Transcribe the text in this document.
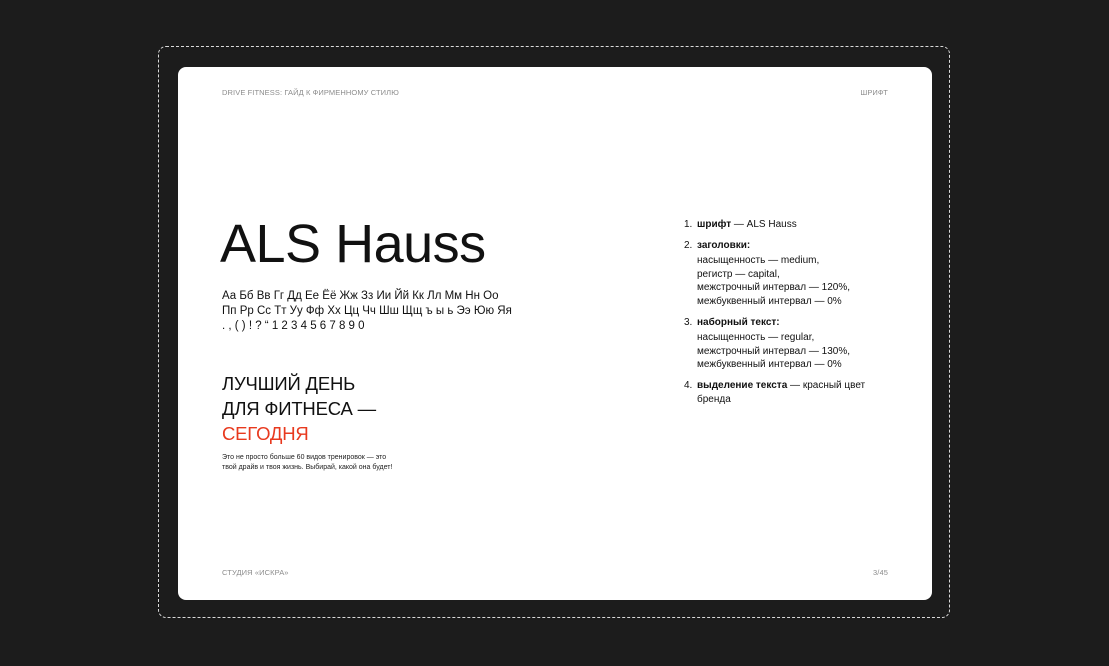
DRIVE FITNESS: ГАЙД К ФИРМЕННОМУ СТИЛЮ	ШРИФТ
ALS Hauss
Аа Бб Вв Гг Дд Ее Ёё Жж Зз Ии Йй Кк Лл Мм Нн Оо
Пп Рр Сс Тт Уу Фф Хх Цц Чч Шш Щщ ъ ы ь Ээ Юю Яя
. , ( ) ! ? “ 1 2 3 4 5 6 7 8 9 0
ЛУЧШИЙ ДЕНЬ
ДЛЯ ФИТНЕСА —
СЕГОДНЯ
Это не просто больше 60 видов тренировок — это твой драйв и твоя жизнь. Выбирай, какой она будет!
1. шрифт — ALS Hauss
2. заголовки:
насыщенность — medium,
регистр — capital,
межстрочный интервал — 120%,
межбуквенный интервал — 0%
3. наборный текст:
насыщенность — regular,
межстрочный интервал — 130%,
межбуквенный интервал — 0%
4. выделение текста — красный цвет
бренда
СТУДИЯ «ИСКРА»	3/45
